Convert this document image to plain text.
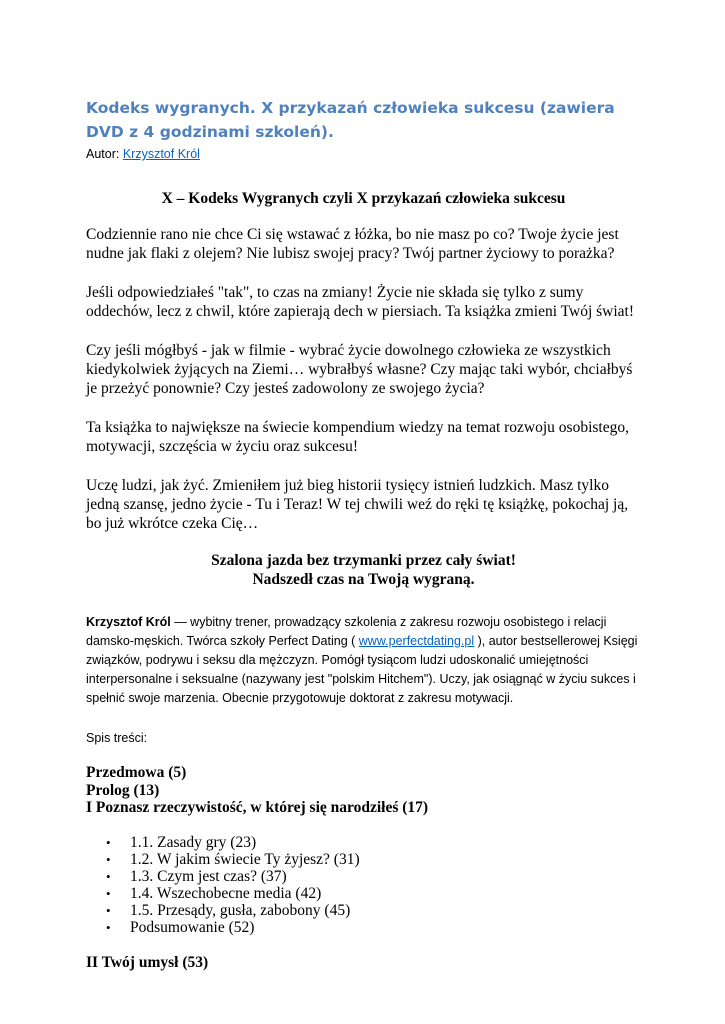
Kodeks wygranych. X przykazań człowieka sukcesu (zawiera DVD z 4 godzinami szkoleń).
Autor: Krzysztof Król
X – Kodeks Wygranych czyli X przykazań człowieka sukcesu

Codziennie rano nie chce Ci się wstawać z łóżka, bo nie masz po co? Twoje życie jest nudne jak flaki z olejem? Nie lubisz swojej pracy? Twój partner życiowy to porażka?

Jeśli odpowiedziałeś "tak", to czas na zmiany! Życie nie składa się tylko z sumy oddechów, lecz z chwil, które zapierają dech w piersiach. Ta książka zmieni Twój świat!

Czy jeśli mógłbyś - jak w filmie - wybrać życie dowolnego człowieka ze wszystkich kiedykolwiek żyjących na Ziemi… wybrałbyś własne? Czy mając taki wybór, chciałbyś je przeżyć ponownie? Czy jesteś zadowolony ze swojego życia?

Ta książka to największe na świecie kompendium wiedzy na temat rozwoju osobistego, motywacji, szczęścia w życiu oraz sukcesu!

Uczę ludzi, jak żyć. Zmieniłem już bieg historii tysięcy istnień ludzkich. Masz tylko jedną szansę, jedno życie - Tu i Teraz! W tej chwili weź do ręki tę książkę, pokochaj ją, bo już wkrótce czeka Cię…

Szalona jazda bez trzymanki przez cały świat!
Nadszedł czas na Twoją wygraną.
Krzysztof Król — wybitny trener, prowadzący szkolenia z zakresu rozwoju osobistego i relacji damsko-męskich. Twórca szkoły Perfect Dating ( www.perfectdating.pl ), autor bestsellerowej Księgi związków, podrywu i seksu dla mężczyzn. Pomógł tysiącom ludzi udoskonalić umiejętności interpersonalne i seksualne (nazywany jest "polskim Hitchem"). Uczy, jak osiągnąć w życiu sukces i spełnić swoje marzenia. Obecnie przygotowuje doktorat z zakresu motywacji.
Spis treści:

Przedmowa (5)

Prolog (13)

I Poznasz rzeczywistość, w której się narodziłeś (17)

• 1.1. Zasady gry (23)
• 1.2. W jakim świecie Ty żyjesz? (31)
• 1.3. Czym jest czas? (37)
• 1.4. Wszechobecne media (42)
• 1.5. Przesądy, gusła, zabobony (45)
• Podsumowanie (52)

II Twój umysł (53)
